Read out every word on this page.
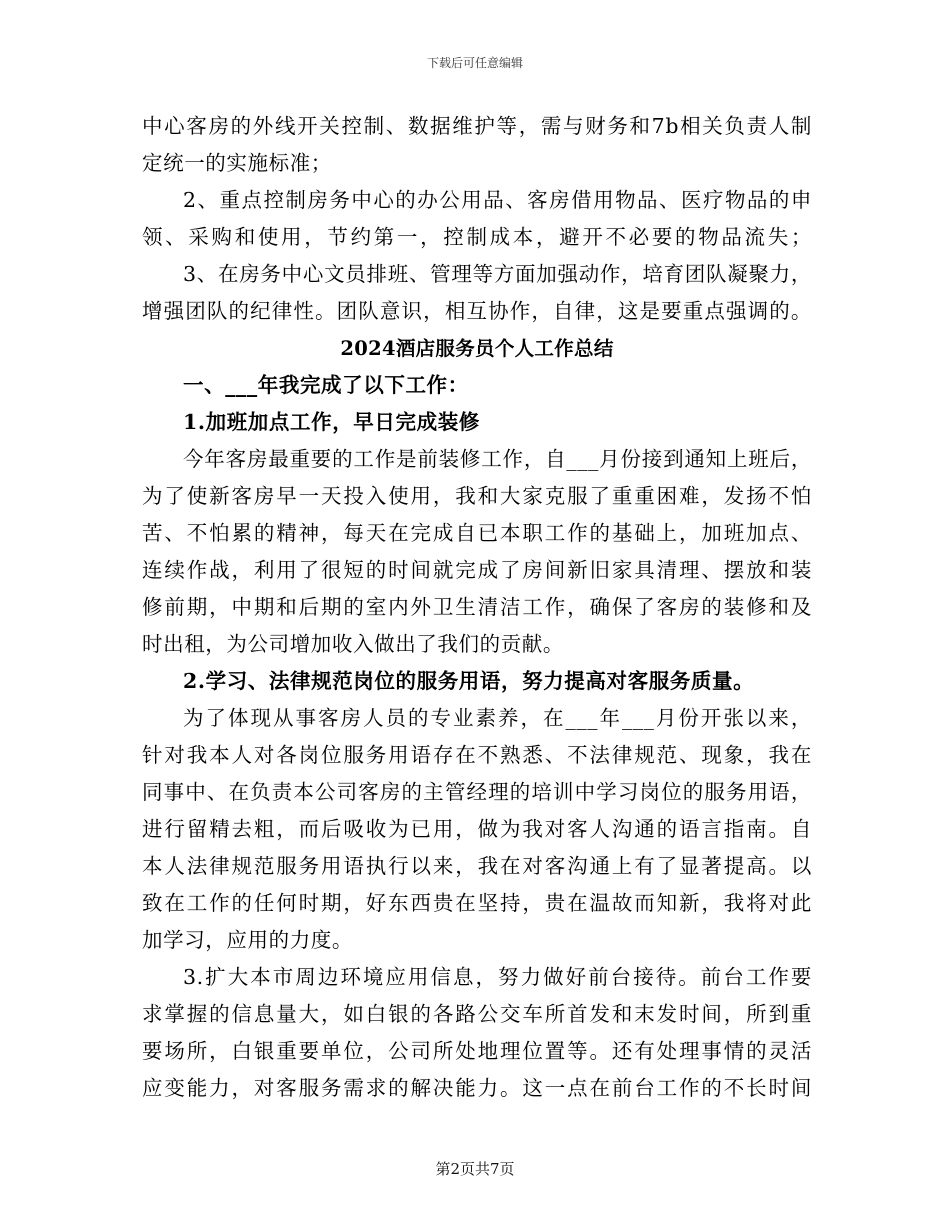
下载后可任意编辑
中心客房的外线开关控制、数据维护等，需与财务和7b相关负责人制
定统一的实施标准；
2、重点控制房务中心的办公用品、客房借用物品、医疗物品的申
领、采购和使用，节约第一，控制成本，避开不必要的物品流失；
3、在房务中心文员排班、管理等方面加强动作，培育团队凝聚力，
增强团队的纪律性。团队意识，相互协作，自律，这是要重点强调的。
2024酒店服务员个人工作总结
一、___年我完成了以下工作：
1.加班加点工作，早日完成装修
今年客房最重要的工作是前装修工作，自___月份接到通知上班后，
为了使新客房早一天投入使用，我和大家克服了重重困难，发扬不怕
苦、不怕累的精神，每天在完成自已本职工作的基础上，加班加点、
连续作战，利用了很短的时间就完成了房间新旧家具清理、摆放和装
修前期，中期和后期的室内外卫生清洁工作，确保了客房的装修和及
时出租，为公司增加收入做出了我们的贡献。
2.学习、法律规范岗位的服务用语，努力提高对客服务质量。
为了体现从事客房人员的专业素养，在___年___月份开张以来，
针对我本人对各岗位服务用语存在不熟悉、不法律规范、现象，我在
同事中、在负责本公司客房的主管经理的培训中学习岗位的服务用语，
进行留精去粗，而后吸收为已用，做为我对客人沟通的语言指南。自
本人法律规范服务用语执行以来，我在对客沟通上有了显著提高。以
致在工作的任何时期，好东西贵在坚持，贵在温故而知新，我将对此
加学习，应用的力度。
3.扩大本市周边环境应用信息，努力做好前台接待。前台工作要
求掌握的信息量大，如白银的各路公交车所首发和末发时间，所到重
要场所，白银重要单位，公司所处地理位置等。还有处理事情的灵活
应变能力，对客服务需求的解决能力。这一点在前台工作的不长时间
第2页共7页
